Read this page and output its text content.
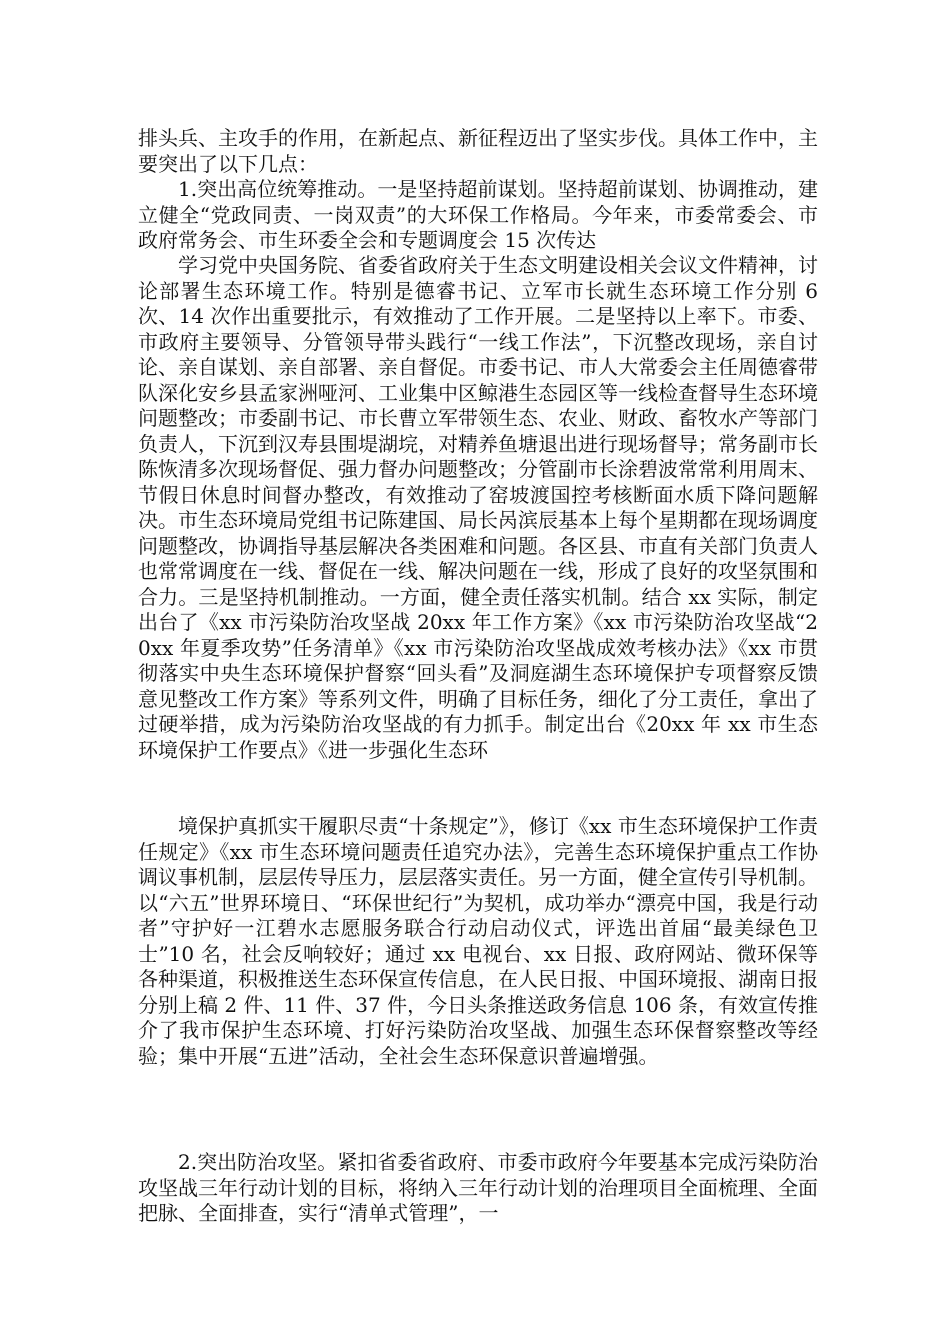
排头兵、主攻手的作用，在新起点、新征程迈出了坚实步伐。具体工作中，主要突出了以下几点：

1.突出高位统筹推动。一是坚持超前谋划。坚持超前谋划、协调推动，建立健全“党政同责、一岗双责”的大环保工作格局。今年来，市委常委会、市政府常务会、市生环委全会和专题调度会 15 次传达

学习党中央国务院、省委省政府关于生态文明建设相关会议文件精神，讨论部署生态环境工作。特别是德睿书记、立军市长就生态环境工作分别 6 次、14 次作出重要批示，有效推动了工作开展。二是坚持以上率下。市委、市政府主要领导、分管领导带头践行“一线工作法”，下沉整改现场，亲自讨论、亲自谋划、亲自部署、亲自督促。市委书记、市人大常委会主任周德睿带队深化安乡县孟家洲哑河、工业集中区鲸港生态园区等一线检查督导生态环境问题整改；市委副书记、市长曹立军带领生态、农业、财政、畜牧水产等部门负责人，下沉到汉寿县围堤湖垸，对精养鱼塘退出进行现场督导；常务副市长陈恢清多次现场督促、强力督办问题整改；分管副市长涂碧波常常利用周末、节假日休息时间督办整改，有效推动了窑坡渡国控考核断面水质下降问题解决。市生态环境局党组书记陈建国、局长呙滨辰基本上每个星期都在现场调度问题整改，协调指导基层解决各类困难和问题。各区县、市直有关部门负责人也常常调度在一线、督促在一线、解决问题在一线，形成了良好的攻坚氛围和合力。三是坚持机制推动。一方面，健全责任落实机制。结合 xx 实际，制定出台了《xx 市污染防治攻坚战 20xx 年工作方案》《xx 市污染防治攻坚战“20xx 年夏季攻势”任务清单》《xx 市污染防治攻坚战成效考核办法》《xx 市贯彻落实中央生态环境保护督察“回头看”及洞庭湖生态环境保护专项督察反馈意见整改工作方案》等系列文件，明确了目标任务，细化了分工责任，拿出了过硬举措，成为污染防治攻坚战的有力抓手。制定出台《20xx 年 xx 市生态环境保护工作要点》《进一步强化生态环

境保护真抓实干履职尽责“十条规定”》，修订《xx 市生态环境保护工作责任规定》《xx 市生态环境问题责任追究办法》，完善生态环境保护重点工作协调议事机制，层层传导压力，层层落实责任。另一方面，健全宣传引导机制。以“六五”世界环境日、“环保世纪行”为契机，成功举办“漂亮中国，我是行动者”守护好一江碧水志愿服务联合行动启动仪式，评选出首届“最美绿色卫士”10 名，社会反响较好；通过 xx 电视台、xx 日报、政府网站、微环保等各种渠道，积极推送生态环保宣传信息，在人民日报、中国环境报、湖南日报分别上稿 2 件、11 件、37 件，今日头条推送政务信息 106 条，有效宣传推介了我市保护生态环境、打好污染防治攻坚战、加强生态环保督察整改等经验；集中开展“五进”活动，全社会生态环保意识普遍增强。

2.突出防治攻坚。紧扣省委省政府、市委市政府今年要基本完成污染防治攻坚战三年行动计划的目标，将纳入三年行动计划的治理项目全面梳理、全面把脉、全面排查，实行“清单式管理”，一
